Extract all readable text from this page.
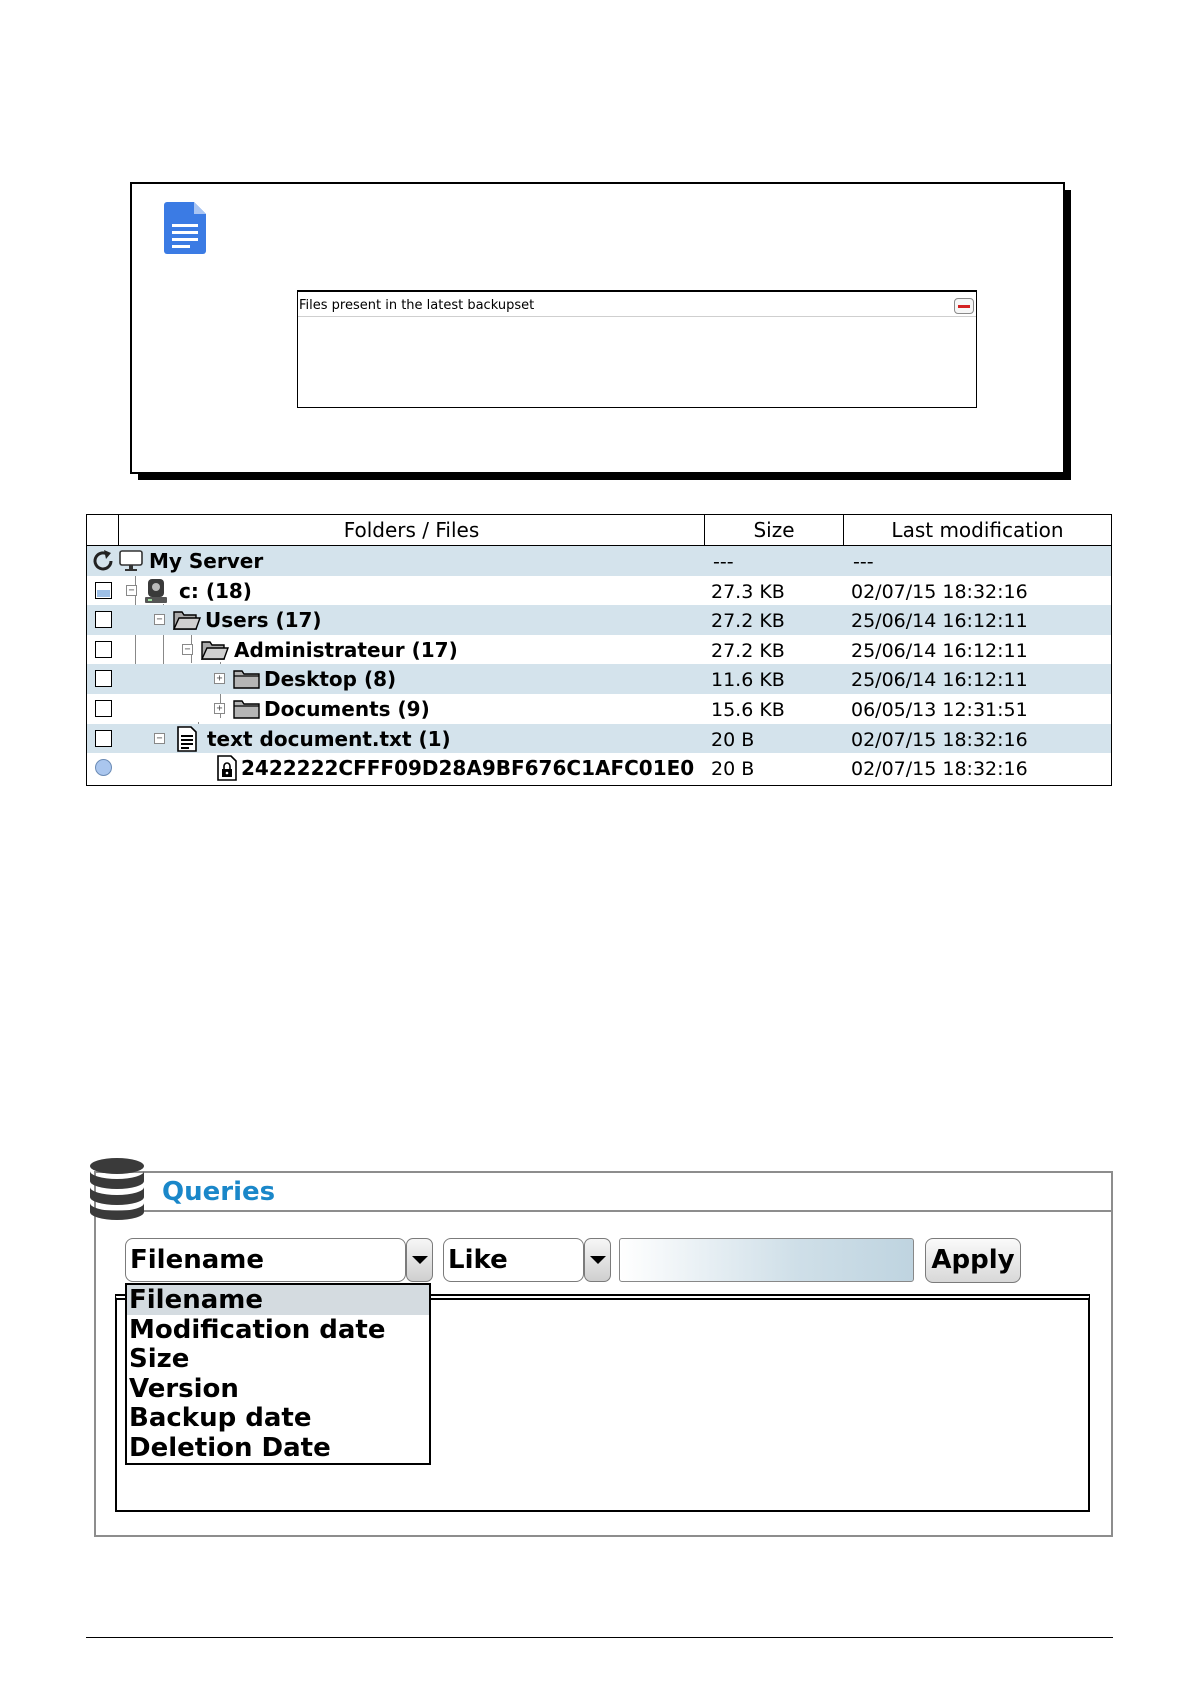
Files present in the latest backupset
Folders / Files	Size	Last modification
My Server	---	---
− c: (18)	27.3 KB	02/07/15 18:32:16
− Users (17)	27.2 KB	25/06/14 16:12:11
− Administrateur (17)	27.2 KB	25/06/14 16:12:11
+ Desktop (8)	11.6 KB	25/06/14 16:12:11
+ Documents (9)	15.6 KB	06/05/13 12:31:51
− text document.txt (1)	20 B	02/07/15 18:32:16
2422222CFFF09D28A9BF676C1AFC01E0 20 B	02/07/15 18:32:16
Queries
Filename	Like	Apply
Filename
Modification date
Size
Version
Backup date
Deletion Date
